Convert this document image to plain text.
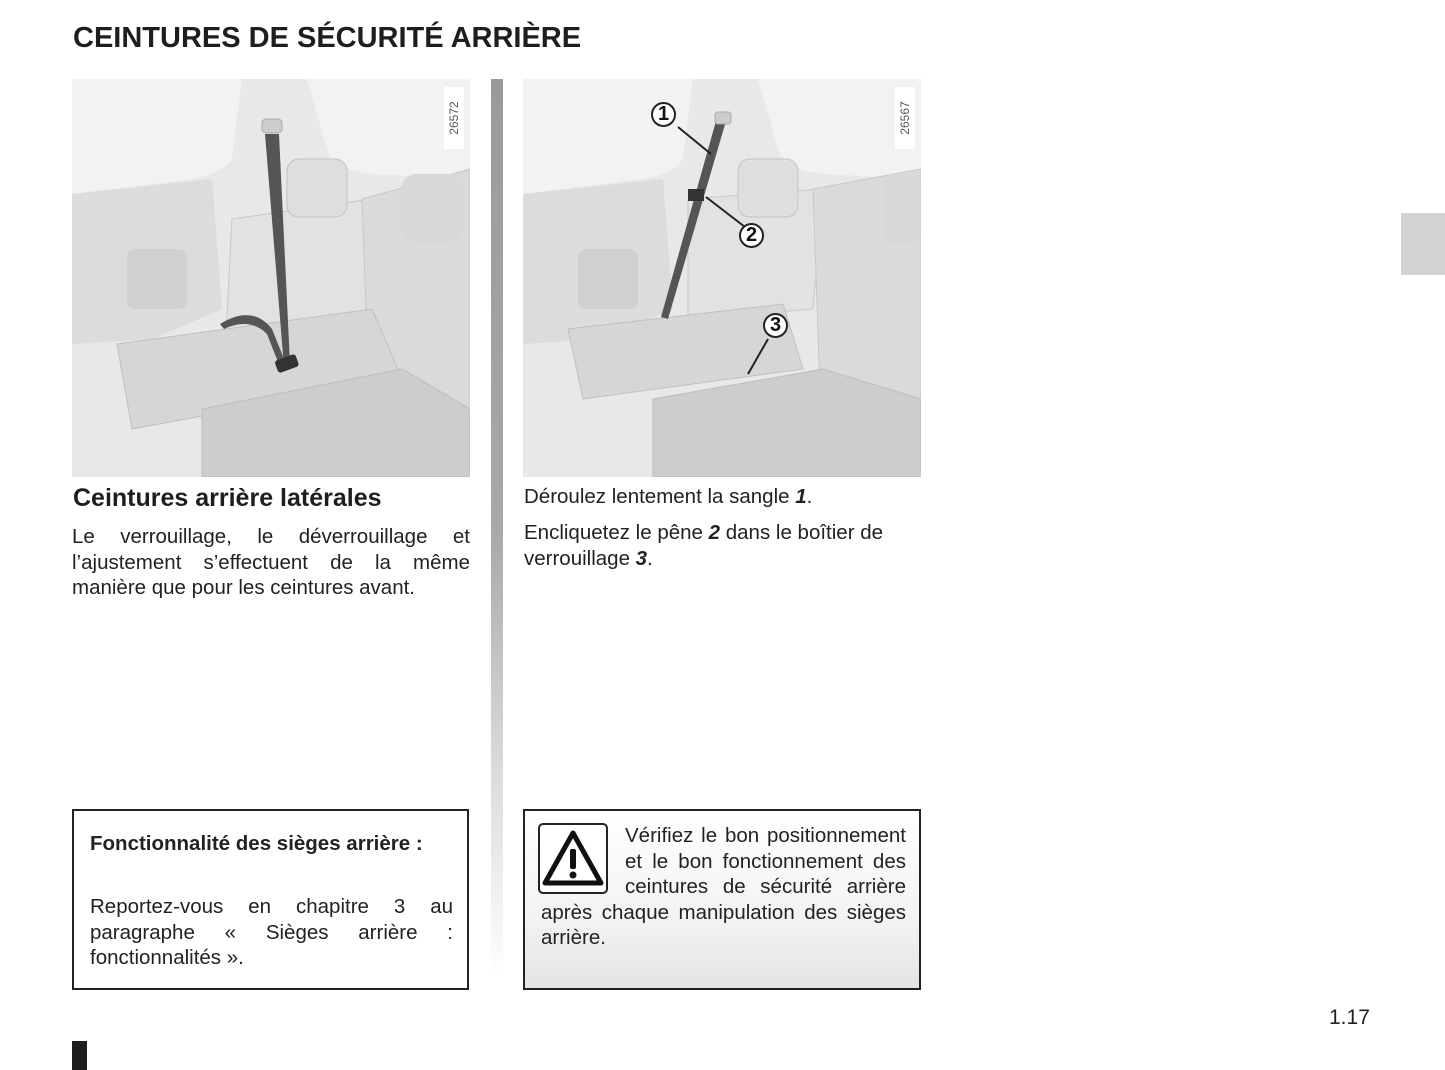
CEINTURES DE SÉCURITÉ ARRIÈRE
26572	1
2
3
26567
Ceintures arrière latérales
Le verrouillage, le déverrouillage et l’ajustement s’effectuent de la même manière que pour les ceintures avant.
Déroulez lentement la sangle 1.
Encliquetez le pêne 2 dans le boîtier de verrouillage 3.
Fonctionnalité des sièges arrière :
Reportez-vous en chapitre 3 au paragraphe « Sièges arrière : fonctionnalités ».
Vérifiez le bon positionnement et le bon fonctionnement des ceintures de sécurité arrière après chaque manipulation des sièges arrière.
1.17
